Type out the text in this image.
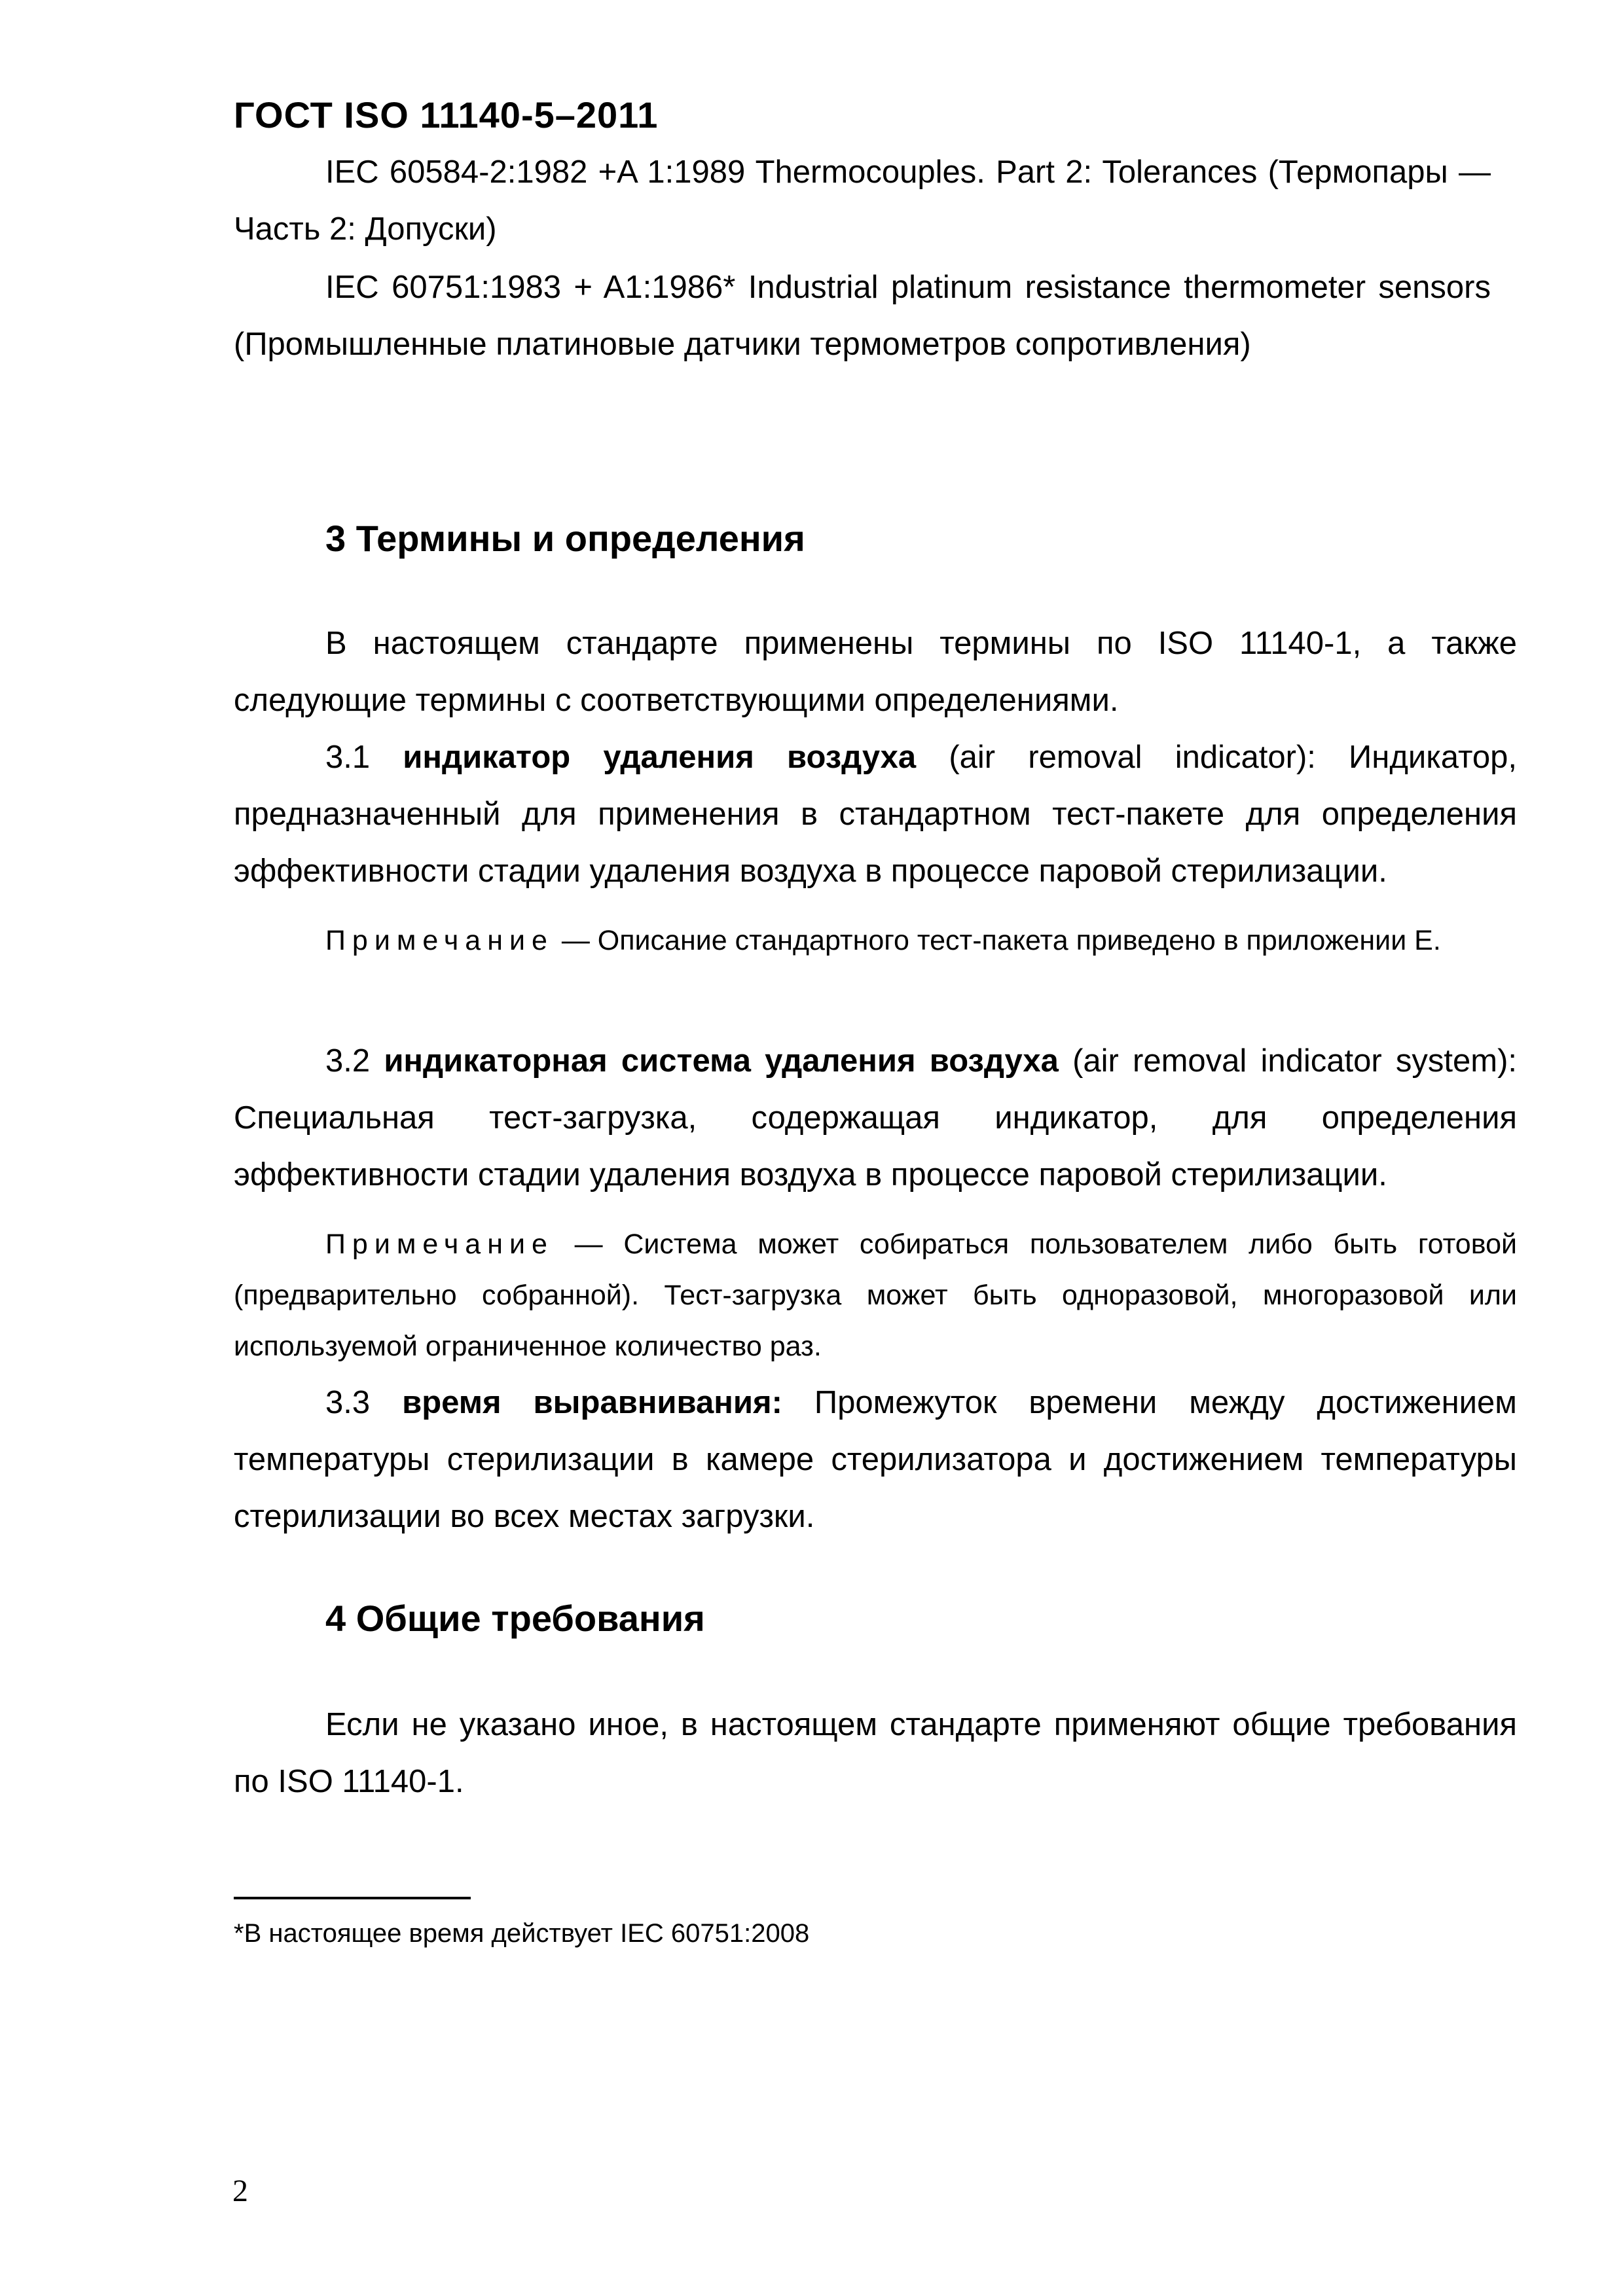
ГОСТ ISO 11140-5–2011

IEC 60584-2:1982 +A 1:1989 Thermocouples. Part 2: Tolerances (Термопары — Часть 2: Допуски)

IEC 60751:1983 + A1:1986* Industrial platinum resistance thermometer sensors (Промышленные платиновые датчики термометров сопротивления)

3 Термины и определения

В настоящем стандарте применены термины по ISO 11140-1, а также следующие термины с соответствующими определениями.

3.1 индикатор удаления воздуха (air removal indicator): Индикатор, предназначенный для применения в стандартном тест-пакете для определения эффективности стадии удаления воздуха в процессе паровой стерилизации.

Примечание — Описание стандартного тест-пакета приведено в приложении Е.

3.2 индикаторная система удаления воздуха (air removal indicator system): Специальная тест-загрузка, содержащая индикатор, для определения эффективности стадии удаления воздуха в процессе паровой стерилизации.

Примечание — Система может собираться пользователем либо быть готовой (предварительно собранной). Тест-загрузка может быть одноразовой, многоразовой или используемой ограниченное количество раз.

3.3 время выравнивания: Промежуток времени между достижением температуры стерилизации в камере стерилизатора и достижением температуры стерилизации во всех местах загрузки.

4 Общие требования

Если не указано иное, в настоящем стандарте применяют общие требования по ISO 11140-1.

*В настоящее время действует IEC 60751:2008
2
